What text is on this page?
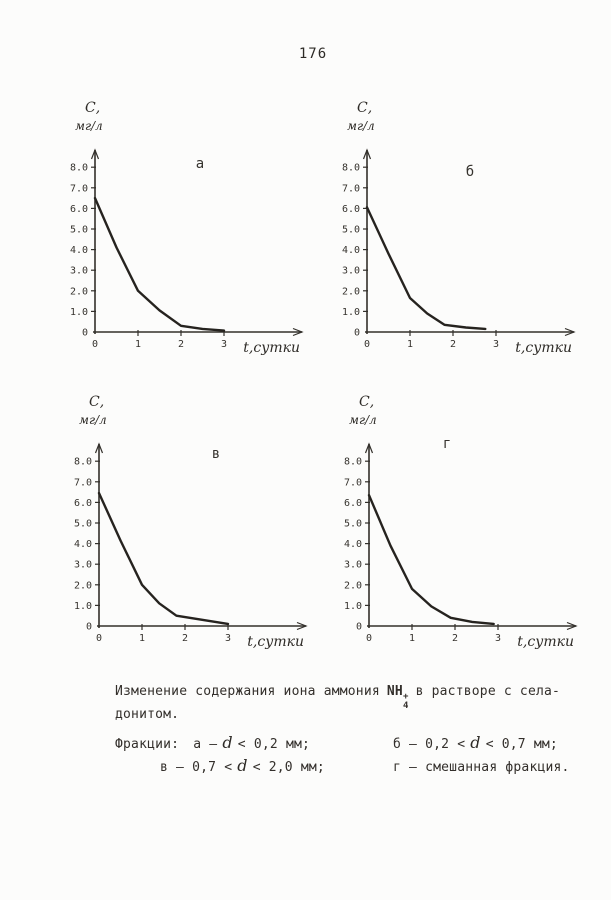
176
8.0
7.0
6.0
5.0
4.0
3.0
2.0
1.0
0
0	1	2	3
С,
мг/л
t,сутки
а	8.0
7.0
6.0
5.0
4.0
3.0
2.0
1.0
0
0	1	2	3
С,
мг/л
t,сутки
б
8.0
7.0
6.0
5.0
4.0
3.0
2.0
1.0
0
0	1	2	3
С,
мг/л
t,сутки
в
8.0
7.0
6.0
5.0
4.0
3.0
2.0
1.0
0
0	1	2	3
С,
мг/л
t,сутки
г
Изменение содержания иона аммония NH +
4
в растворе с села-
донитом.
Фракции: а – d < 0,2 мм;	б – 0,2 < d < 0,7 мм;
в – 0,7 < d < 2,0 мм;	г – смешанная фракция.
